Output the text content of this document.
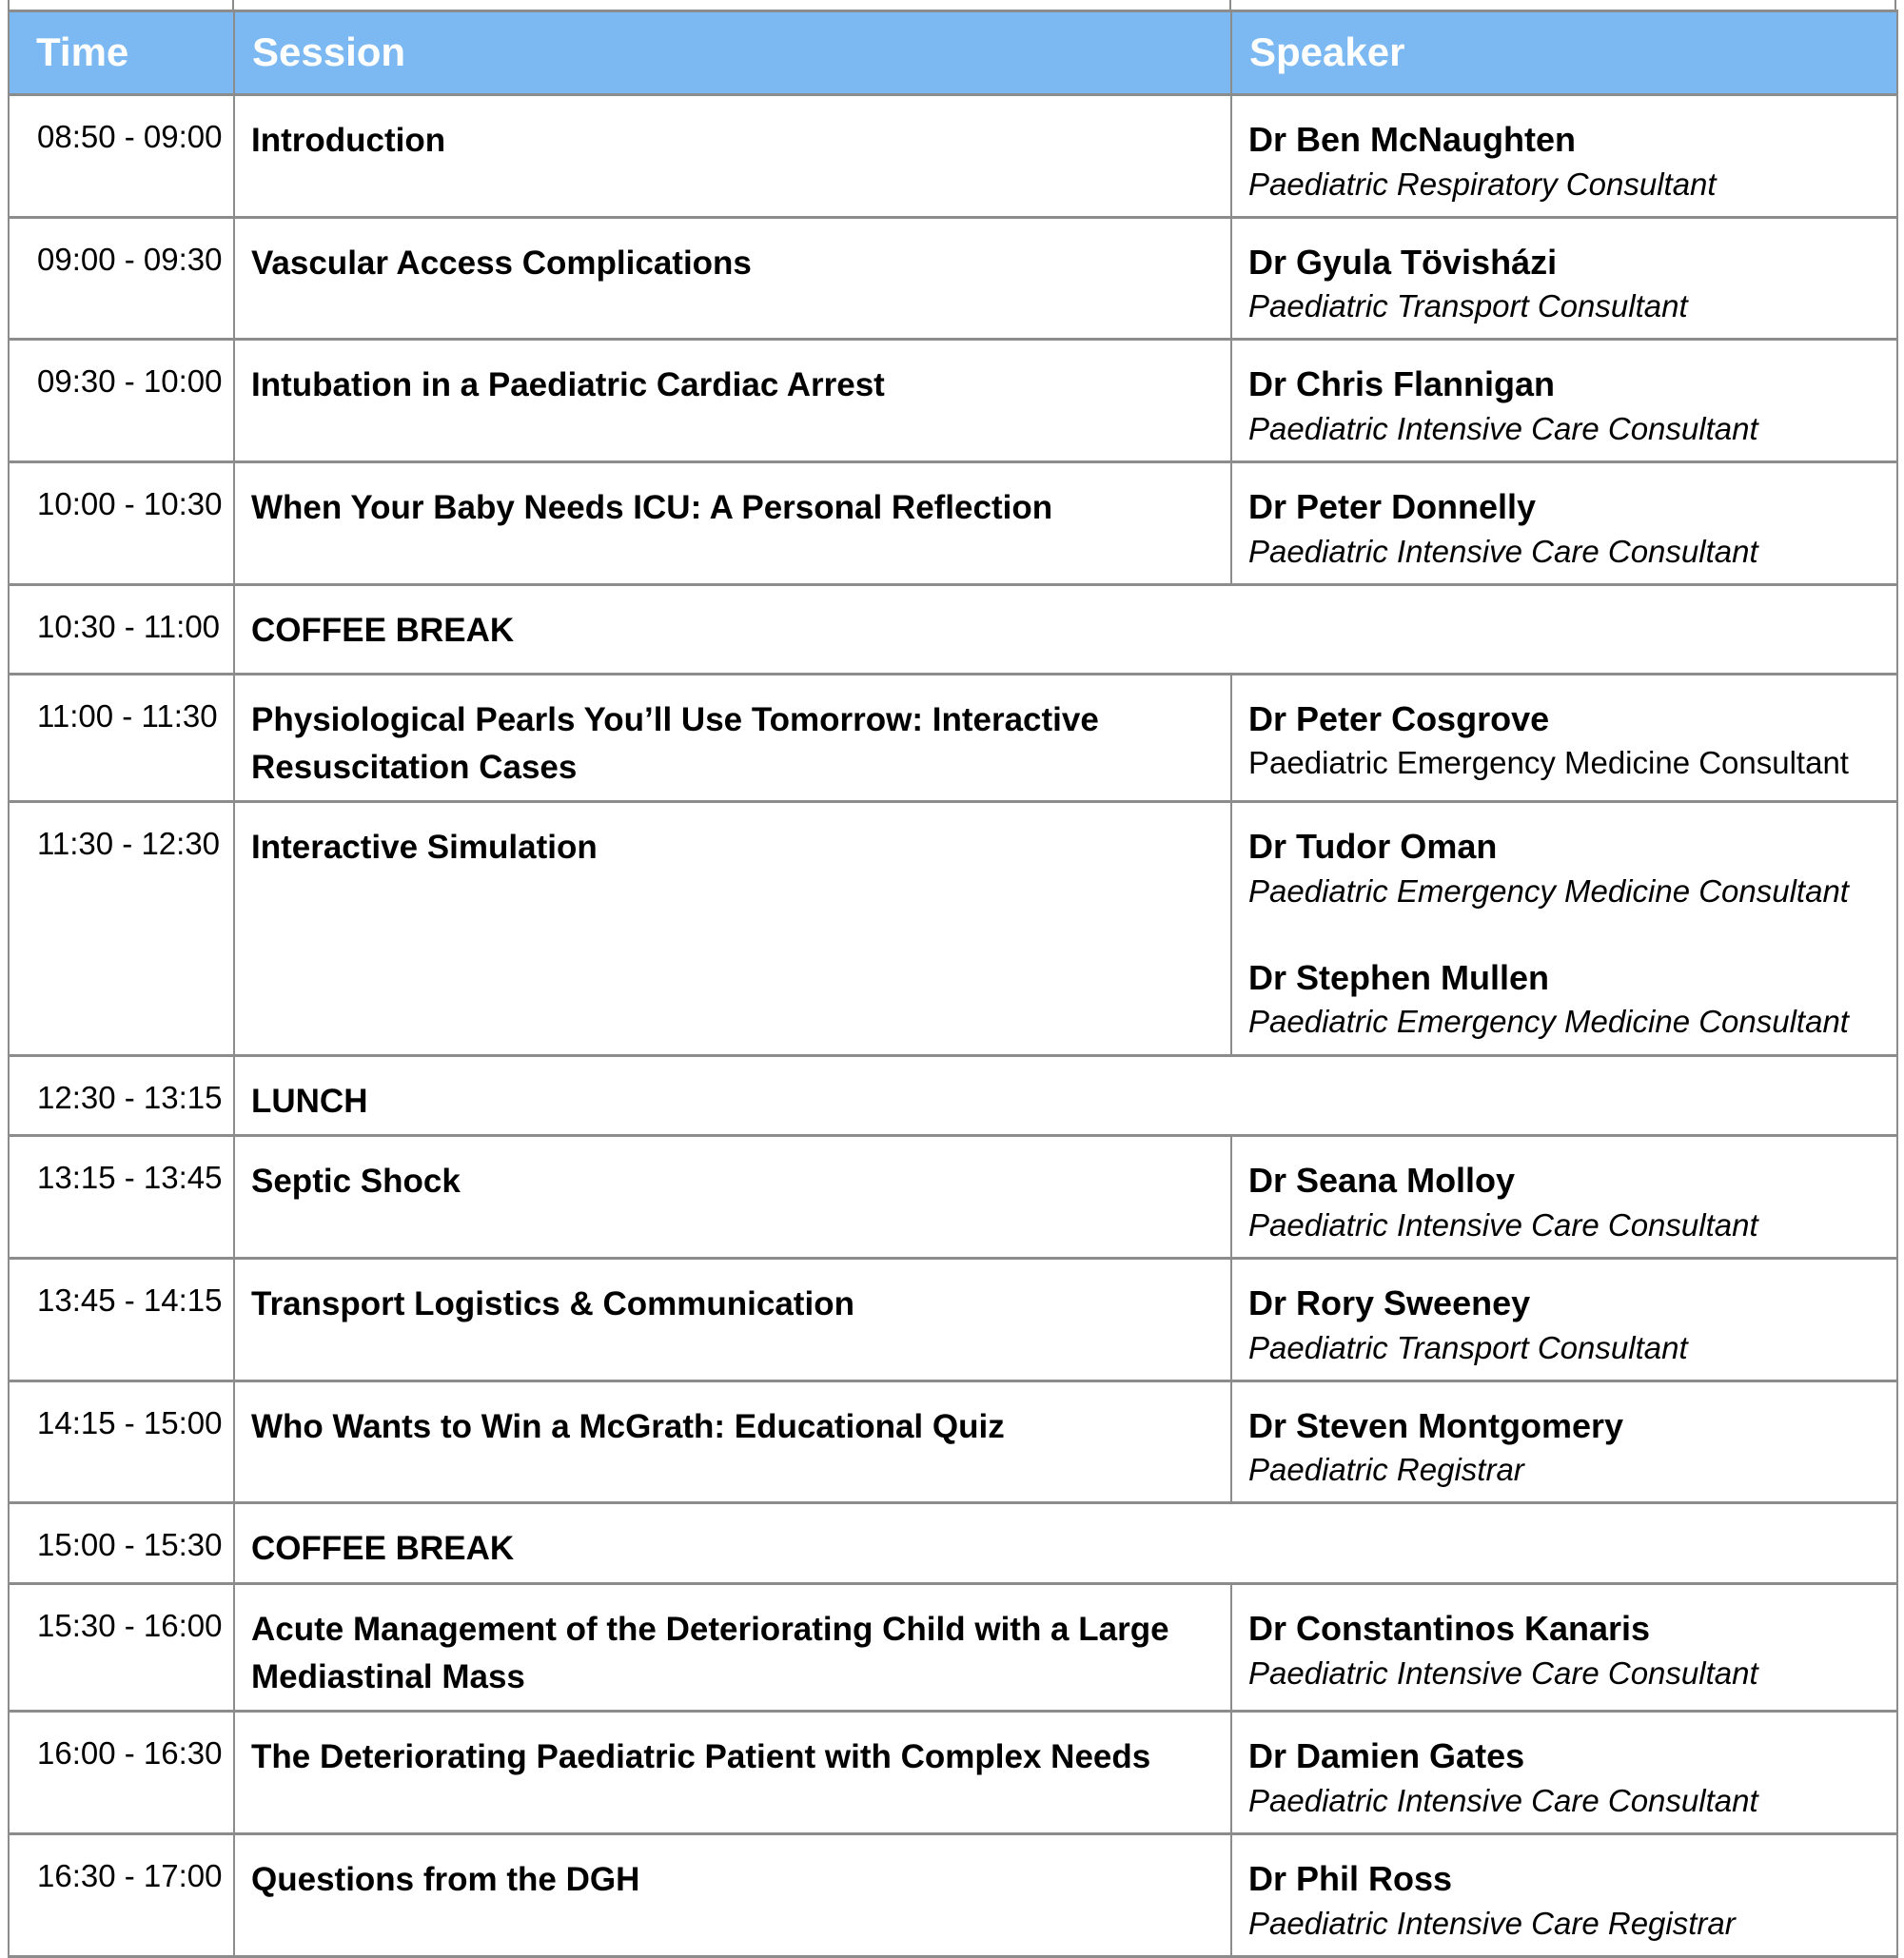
Time	Session	Speaker
08:50 - 09:00	Introduction	Dr Ben McNaughten
Paediatric Respiratory Consultant

09:00 - 09:30	Vascular Access Complications	Dr Gyula Tövisházi
Paediatric Transport Consultant

09:30 - 10:00	Intubation in a Paediatric Cardiac Arrest	Dr Chris Flannigan
Paediatric Intensive Care Consultant

10:00 - 10:30	When Your Baby Needs ICU: A Personal Reflection	Dr Peter Donnelly
Paediatric Intensive Care Consultant

10:30 - 11:00	COFFEE BREAK	
11:00 - 11:30	Physiological Pearls You’ll Use Tomorrow: Interactive Resuscitation Cases	Dr Peter Cosgrove
Paediatric Emergency Medicine Consultant

11:30 - 12:30	Interactive Simulation	Dr Tudor Oman
Paediatric Emergency Medicine Consultant
Dr Stephen Mullen
Paediatric Emergency Medicine Consultant

12:30 - 13:15	LUNCH	
13:15 - 13:45	Septic Shock	Dr Seana Molloy
Paediatric Intensive Care Consultant

13:45 - 14:15	Transport Logistics & Communication	Dr Rory Sweeney
Paediatric Transport Consultant

14:15 - 15:00	Who Wants to Win a McGrath: Educational Quiz	Dr Steven Montgomery
Paediatric Registrar

15:00 - 15:30	COFFEE BREAK	
15:30 - 16:00	Acute Management of the Deteriorating Child with a Large Mediastinal Mass	Dr Constantinos Kanaris
Paediatric Intensive Care Consultant

16:00 - 16:30	The Deteriorating Paediatric Patient with Complex Needs	Dr Damien Gates
Paediatric Intensive Care Consultant

16:30 - 17:00	Questions from the DGH	Dr Phil Ross
Paediatric Intensive Care Registrar
